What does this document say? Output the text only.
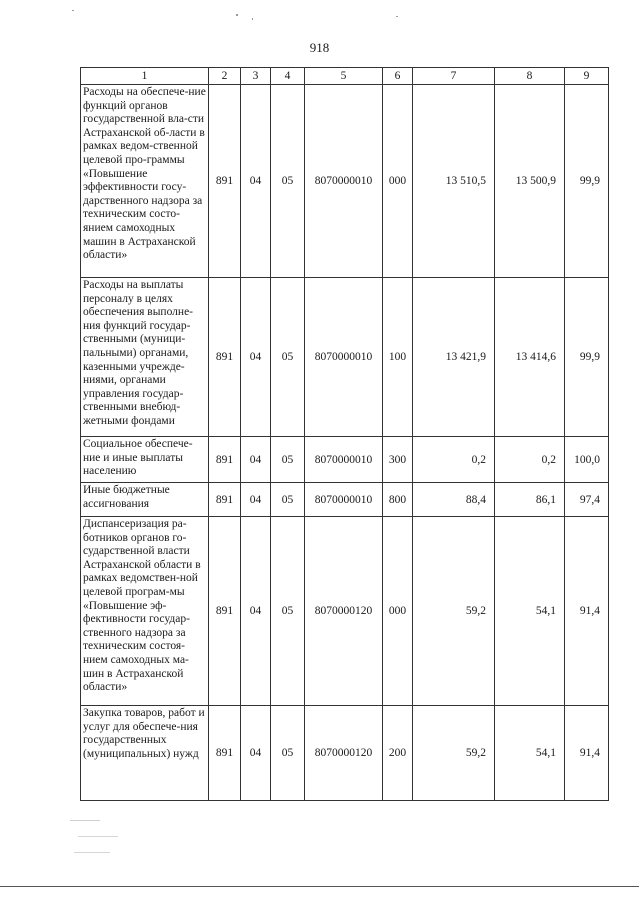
918
1	2	3	4	5	6	7	8	9
Расходы на обеспече-ние функций органов государственной вла-сти Астраханской об-ласти в рамках ведом-ственной целевой про-граммы «Повышение эффективности госу-дарственного надзора за техническим состо-янием самоходных машин в Астраханской области»	891	04	05	8070000010	000	13 510,5	13 500,9	99,9
Расходы на выплаты персоналу в целях обеспечения выполне-ния функций государ-ственными (муници-пальными) органами, казенными учрежде-ниями, органами управления государ-ственными внебюд-жетными фондами	891	04	05	8070000010	100	13 421,9	13 414,6	99,9
Социальное обеспече-ние и иные выплаты населению	891	04	05	8070000010	300	0,2	0,2	100,0
Иные бюджетные ассигнования	891	04	05	8070000010	800	88,4	86,1	97,4
Диспансеризация ра-ботников органов го-сударственной власти Астраханской области в рамках ведомствен-ной целевой програм-мы «Повышение эф-фективности государ-ственного надзора за техническим состоя-нием самоходных ма-шин в Астраханской области»	891	04	05	8070000120	000	59,2	54,1	91,4
Закупка товаров, работ и услуг для обеспече-ния государственных (муниципальных) нужд	891	04	05	8070000120	200	59,2	54,1	91,4
